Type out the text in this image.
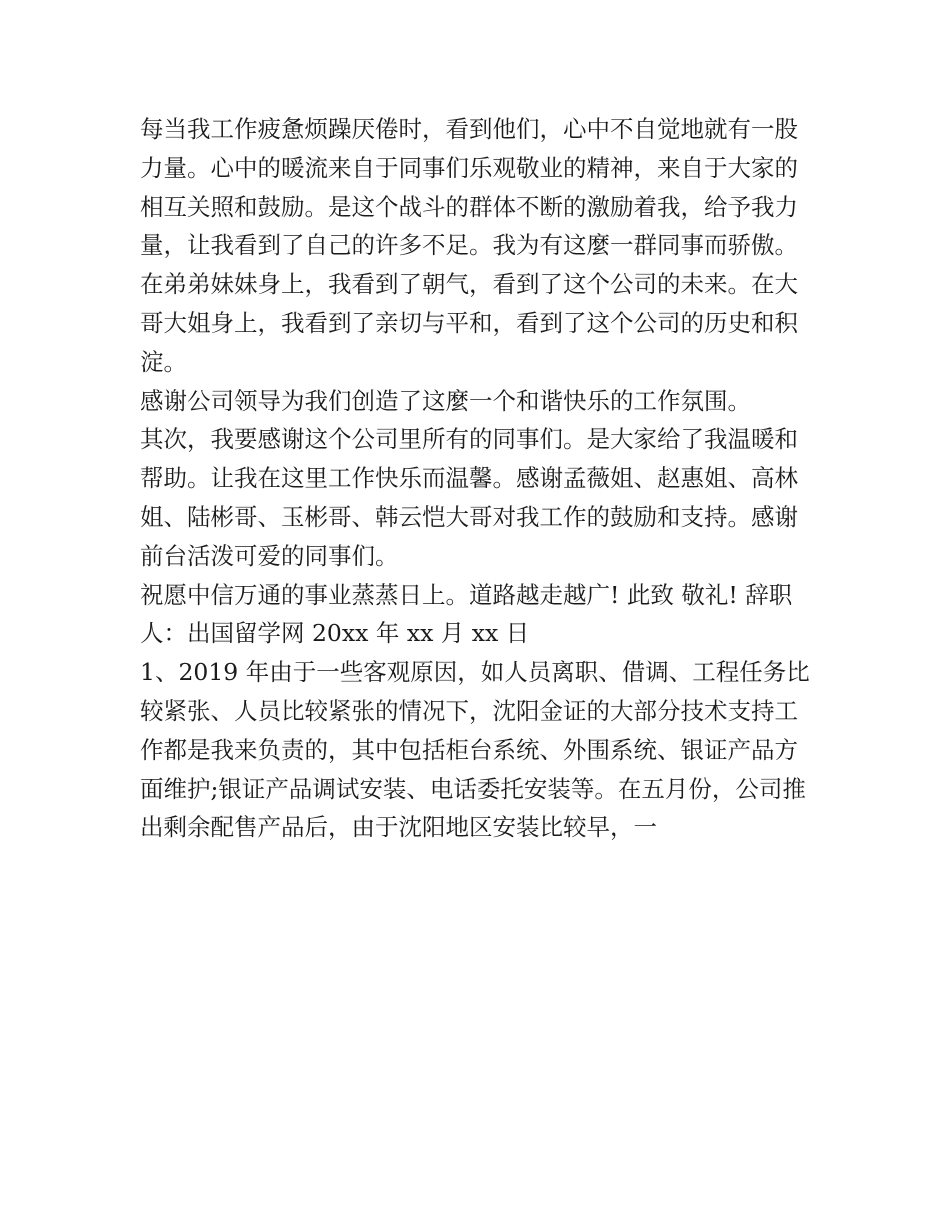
每当我工作疲惫烦躁厌倦时，看到他们，心中不自觉地就有一股力量。心中的暖流来自于同事们乐观敬业的精神，来自于大家的相互关照和鼓励。是这个战斗的群体不断的激励着我，给予我力量，让我看到了自己的许多不足。我为有这麼一群同事而骄傲。

在弟弟妹妹身上，我看到了朝气，看到了这个公司的未来。在大哥大姐身上，我看到了亲切与平和，看到了这个公司的历史和积淀。

感谢公司领导为我们创造了这麼一个和谐快乐的工作氛围。

其次，我要感谢这个公司里所有的同事们。是大家给了我温暖和帮助。让我在这里工作快乐而温馨。感谢孟薇姐、赵惠姐、高林姐、陆彬哥、玉彬哥、韩云恺大哥对我工作的鼓励和支持。感谢前台活泼可爱的同事们。

祝愿中信万通的事业蒸蒸日上。道路越走越广! 此致 敬礼! 辞职人：出国留学网 20xx 年 xx 月 xx 日

1、2019 年由于一些客观原因，如人员离职、借调、工程任务比较紧张、人员比较紧张的情况下，沈阳金证的大部分技术支持工作都是我来负责的，其中包括柜台系统、外围系统、银证产品方面维护;银证产品调试安装、电话委托安装等。在五月份，公司推出剩余配售产品后，由于沈阳地区安装比较早，一
